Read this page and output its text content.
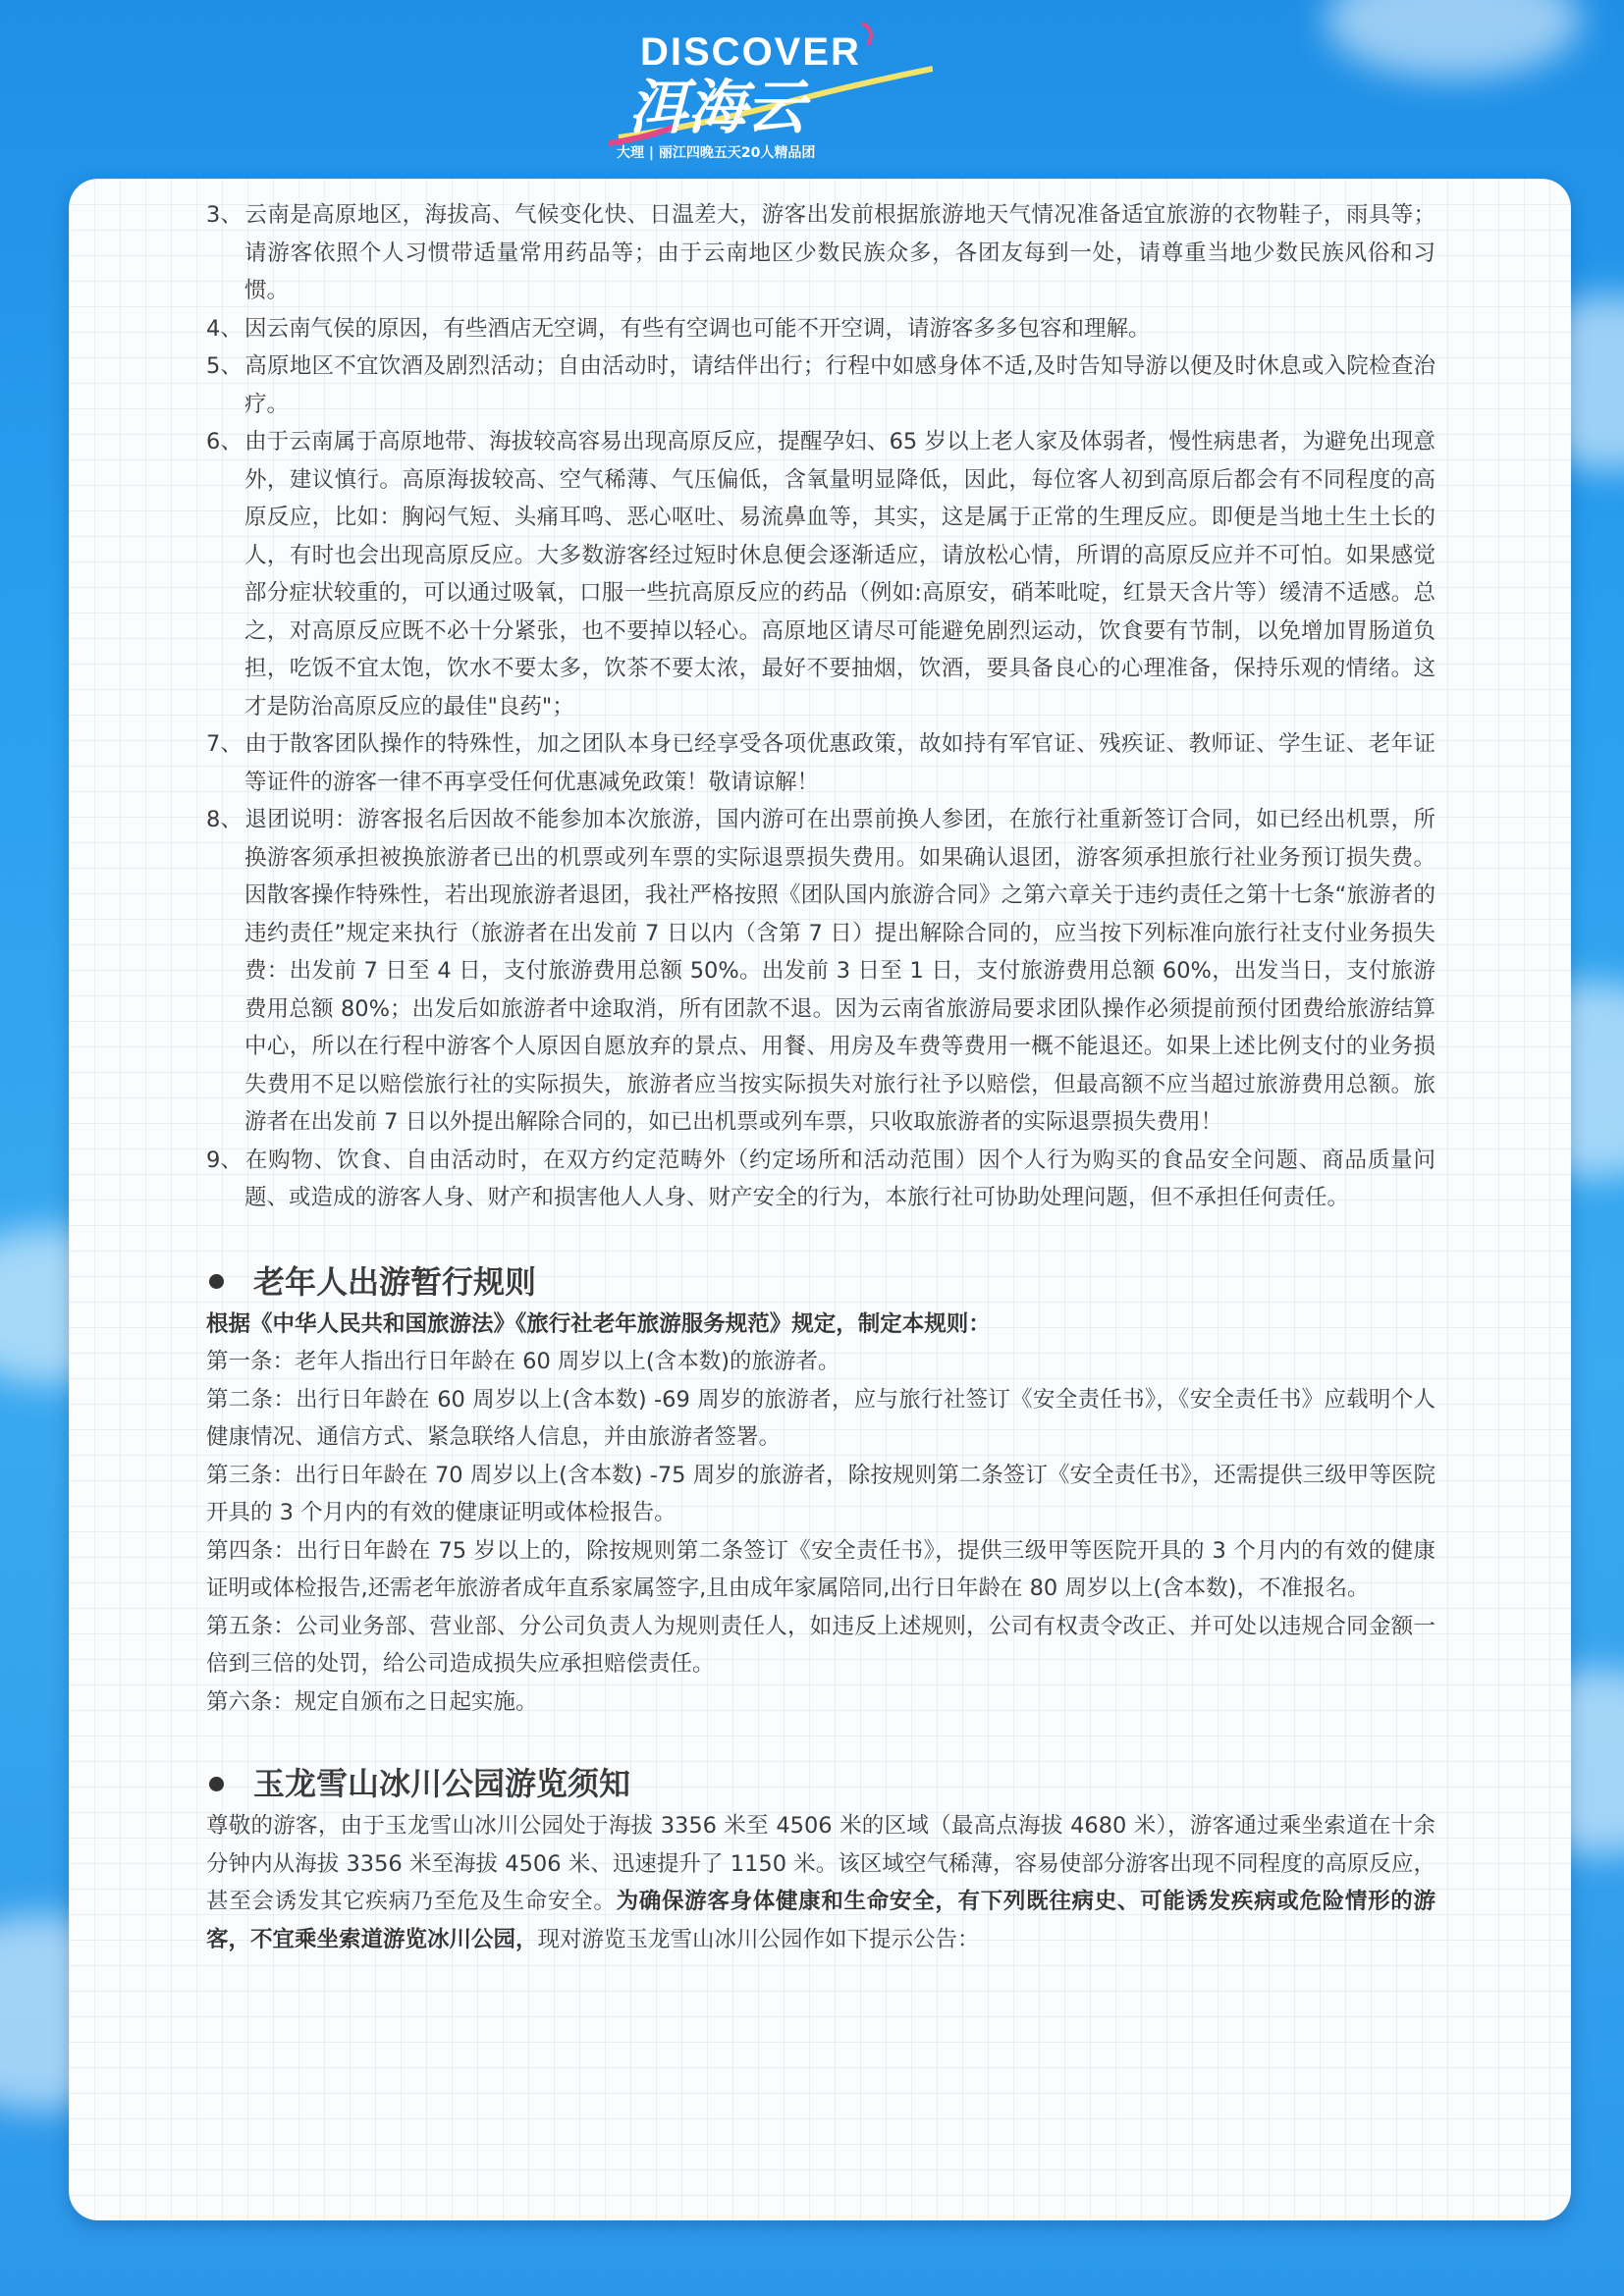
DISCOVER
洱海云
大理 | 丽江四晚五天20人精品团
3、云南是高原地区，海拔高、气候变化快、日温差大，游客出发前根据旅游地天气情况准备适宜旅游的衣物鞋子，雨具等；请游客依照个人习惯带适量常用药品等；由于云南地区少数民族众多，各团友每到一处，请尊重当地少数民族风俗和习惯。
4、因云南气侯的原因，有些酒店无空调，有些有空调也可能不开空调，请游客多多包容和理解。
5、高原地区不宜饮酒及剧烈活动；自由活动时，请结伴出行；行程中如感身体不适,及时告知导游以便及时休息或入院检查治疗。
6、由于云南属于高原地带、海拔较高容易出现高原反应，提醒孕妇、65 岁以上老人家及体弱者，慢性病患者，为避免出现意外，建议慎行。高原海拔较高、空气稀薄、气压偏低，含氧量明显降低，因此，每位客人初到高原后都会有不同程度的高原反应，比如：胸闷气短、头痛耳鸣、恶心呕吐、易流鼻血等，其实，这是属于正常的生理反应。即便是当地土生土长的人，有时也会出现高原反应。大多数游客经过短时休息便会逐渐适应，请放松心情，所谓的高原反应并不可怕。如果感觉部分症状较重的，可以通过吸氧，口服一些抗高原反应的药品（例如:高原安，硝苯吡啶，红景天含片等）缓清不适感。总之，对高原反应既不必十分紧张，也不要掉以轻心。高原地区请尽可能避免剧烈运动，饮食要有节制，以免增加胃肠道负担，吃饭不宜太饱，饮水不要太多，饮茶不要太浓，最好不要抽烟，饮酒，要具备良心的心理准备，保持乐观的情绪。这才是防治高原反应的最佳"良药"；
7、由于散客团队操作的特殊性，加之团队本身已经享受各项优惠政策，故如持有军官证、残疾证、教师证、学生证、老年证等证件的游客一律不再享受任何优惠减免政策！敬请谅解！
8、退团说明：游客报名后因故不能参加本次旅游，国内游可在出票前换人参团，在旅行社重新签订合同，如已经出机票，所换游客须承担被换旅游者已出的机票或列车票的实际退票损失费用。如果确认退团，游客须承担旅行社业务预订损失费。因散客操作特殊性，若出现旅游者退团，我社严格按照《团队国内旅游合同》之第六章关于违约责任之第十七条“旅游者的违约责任”规定来执行（旅游者在出发前 7 日以内（含第 7 日）提出解除合同的，应当按下列标准向旅行社支付业务损失费：出发前 7 日至 4 日，支付旅游费用总额 50%。出发前 3 日至 1 日，支付旅游费用总额 60%，出发当日，支付旅游费用总额 80%；出发后如旅游者中途取消，所有团款不退。因为云南省旅游局要求团队操作必须提前预付团费给旅游结算中心，所以在行程中游客个人原因自愿放弃的景点、用餐、用房及车费等费用一概不能退还。如果上述比例支付的业务损失费用不足以赔偿旅行社的实际损失，旅游者应当按实际损失对旅行社予以赔偿，但最高额不应当超过旅游费用总额。旅游者在出发前 7 日以外提出解除合同的，如已出机票或列车票，只收取旅游者的实际退票损失费用！
9、在购物、饮食、自由活动时，在双方约定范畴外（约定场所和活动范围）因个人行为购买的食品安全问题、商品质量问题、或造成的游客人身、财产和损害他人人身、财产安全的行为，本旅行社可协助处理问题，但不承担任何责任。
老年人出游暂行规则
根据《中华人民共和国旅游法》《旅行社老年旅游服务规范》规定，制定本规则：
第一条：老年人指出行日年龄在 60 周岁以上(含本数)的旅游者。
第二条：出行日年龄在 60 周岁以上(含本数) -69 周岁的旅游者，应与旅行社签订《安全责任书》，《安全责任书》应载明个人健康情况、通信方式、紧急联络人信息，并由旅游者签署。
第三条：出行日年龄在 70 周岁以上(含本数) -75 周岁的旅游者，除按规则第二条签订《安全责任书》，还需提供三级甲等医院开具的 3 个月内的有效的健康证明或体检报告。
第四条：出行日年龄在 75 岁以上的，除按规则第二条签订《安全责任书》，提供三级甲等医院开具的 3 个月内的有效的健康证明或体检报告,还需老年旅游者成年直系家属签字,且由成年家属陪同,出行日年龄在 80 周岁以上(含本数)，不准报名。
第五条：公司业务部、营业部、分公司负责人为规则责任人，如违反上述规则，公司有权责令改正、并可处以违规合同金额一倍到三倍的处罚，给公司造成损失应承担赔偿责任。
第六条：规定自颁布之日起实施。
玉龙雪山冰川公园游览须知
尊敬的游客，由于玉龙雪山冰川公园处于海拔 3356 米至 4506 米的区域（最高点海拔 4680 米），游客通过乘坐索道在十余分钟内从海拔 3356 米至海拔 4506 米、迅速提升了 1150 米。该区域空气稀薄，容易使部分游客出现不同程度的高原反应，甚至会诱发其它疾病乃至危及生命安全。为确保游客身体健康和生命安全，有下列既往病史、可能诱发疾病或危险情形的游客，不宜乘坐索道游览冰川公园，现对游览玉龙雪山冰川公园作如下提示公告：
